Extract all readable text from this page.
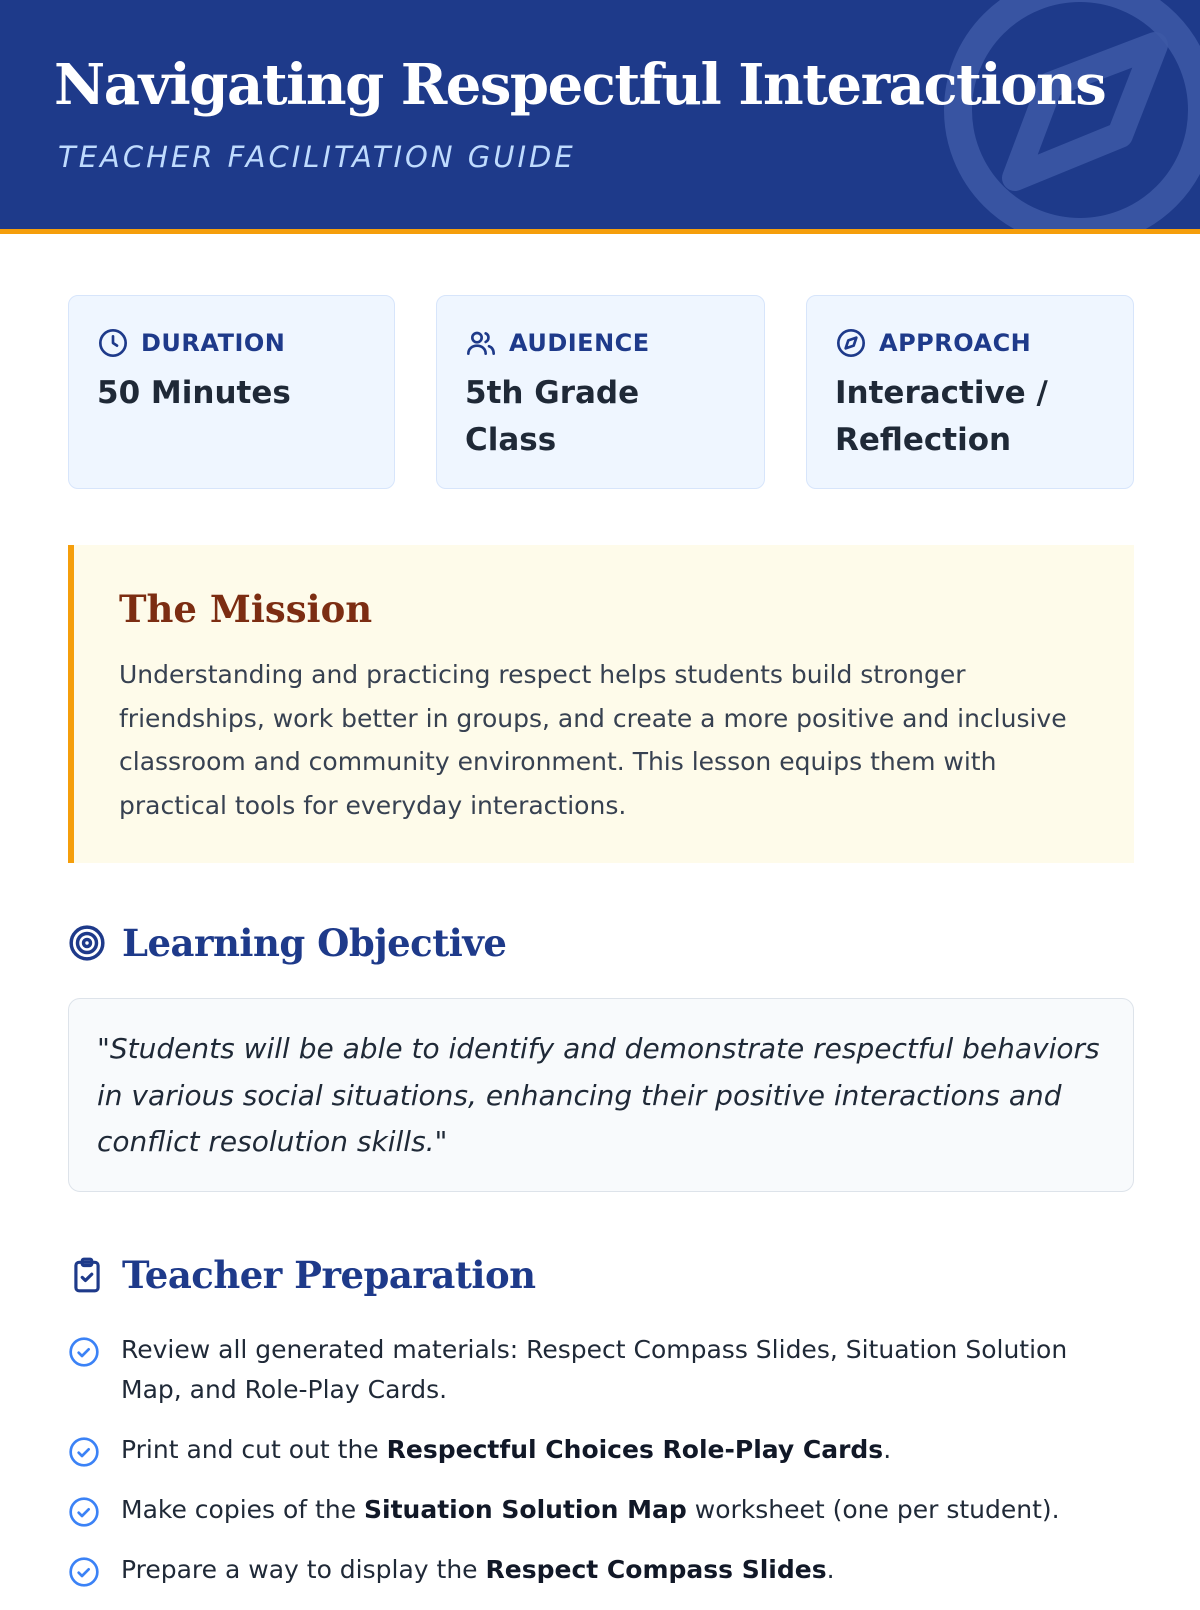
Navigating Respectful Interactions
TEACHER FACILITATION GUIDE
DURATION
50 Minutes
AUDIENCE
5th Grade Class
APPROACH
Interactive / Reflection
The Mission

Understanding and practicing respect helps students build stronger friendships, work better in groups, and create a more positive and inclusive classroom and community environment. This lesson equips them with practical tools for everyday interactions.

Learning Objective

"Students will be able to identify and demonstrate respectful behaviors in various social situations, enhancing their positive interactions and conflict resolution skills."

Teacher Preparation
Review all generated materials: Respect Compass Slides, Situation Solution Map, and Role-Play Cards.
Print and cut out the Respectful Choices Role-Play Cards.
Make copies of the Situation Solution Map worksheet (one per student).
Prepare a way to display the Respect Compass Slides.
